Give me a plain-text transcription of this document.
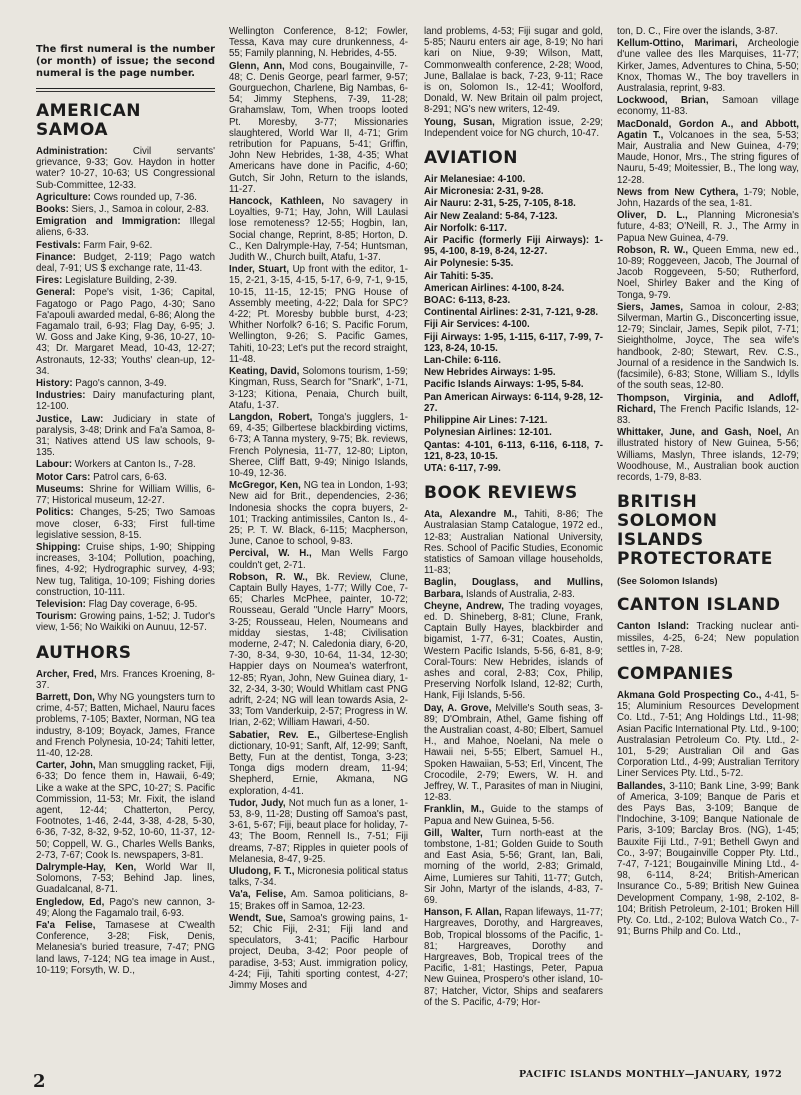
The first numeral is the number (or month) of issue; the second numeral is the page number.

AMERICAN SAMOA

Administration: Civil servants' grievance, 9-33; Gov. Haydon in hotter water? 10-27, 10-63; US Congressional Sub-Committee, 12-33.

Agriculture: Cows rounded up, 7-36.

Books: Siers, J., Samoa in colour, 2-83.

Emigration and Immigration: Illegal aliens, 6-33.

Festivals: Farm Fair, 9-62.

Finance: Budget, 2-119; Pago watch deal, 7-91; US $ exchange rate, 11-43.

Fires: Legislature Building, 2-39.

General: Pope's visit, 1-36; Capital, Fagatogo or Pago Pago, 4-30; Sano Fa'apouli awarded medal, 6-86; Along the Fagamalo trail, 6-93; Flag Day, 6-95; J. W. Goss and Jake King, 9-36, 10-27, 10-43; Dr. Margaret Mead, 10-43, 12-27; Astronauts, 12-33; Youths' clean-up, 12-34.

History: Pago's cannon, 3-49.

Industries: Dairy manufacturing plant, 12-100.

Justice, Law: Judiciary in state of paralysis, 3-48; Drink and Fa'a Samoa, 8-31; Natives attend US law schools, 9-135.

Labour: Workers at Canton Is., 7-28.

Motor Cars: Patrol cars, 6-63.

Museums: Shrine for William Willis, 6-77; Historical museum, 12-27.

Politics: Changes, 5-25; Two Samoas move closer, 6-33; First full-time legislative session, 8-15.

Shipping: Cruise ships, 1-90; Shipping increases, 3-104; Pollution, poaching, fines, 4-92; Hydrographic survey, 4-93; New tug, Talitiga, 10-109; Fishing dories construction, 10-111.

Television: Flag Day coverage, 6-95.

Tourism: Growing pains, 1-52; J. Tudor's view, 1-56; No Waikiki on Aunuu, 12-57.

AUTHORS

Archer, Fred, Mrs. Frances Kroening, 8-37.

Barrett, Don, Why NG youngsters turn to crime, 4-57; Batten, Michael, Nauru faces problems, 7-105; Baxter, Norman, NG tea industry, 8-109; Boyack, James, France and French Polynesia, 10-24; Tahiti letter, 11-40, 12-28.

Carter, John, Man smuggling racket, Fiji, 6-33; Do fence them in, Hawaii, 6-49; Like a wake at the SPC, 10-27; S. Pacific Commission, 11-53; Mr. Fixit, the island agent, 12-44; Chatterton, Percy, Footnotes, 1-46, 2-44, 3-38, 4-28, 5-30, 6-36, 7-32, 8-32, 9-52, 10-60, 11-37, 12-50; Coppell, W. G., Charles Wells Banks, 2-73, 7-67; Cook Is. newspapers, 3-81.

Dalrymple-Hay, Ken, World War II, Solomons, 7-53; Behind Jap. lines, Guadalcanal, 8-71.

Engledow, Ed, Pago's new cannon, 3-49; Along the Fagamalo trail, 6-93.

Fa'a Felise, Tamasese at C'wealth Conference, 3-28; Fisk, Denis, Melanesia's buried treasure, 7-47; PNG land laws, 7-124; NG tea image in Aust., 10-119; Forsyth, W. D.,

Wellington Conference, 8-12; Fowler, Tessa, Kava may cure drunkenness, 4-55; Family planning, N. Hebrides, 4-55.

Glenn, Ann, Mod cons, Bougainville, 7-48; C. Denis George, pearl farmer, 9-57; Gourguechon, Charlene, Big Nambas, 6-54; Jimmy Stephens, 7-39, 11-28; Grahamslaw, Tom, When troops looted Pt. Moresby, 3-77; Missionaries slaughtered, World War II, 4-71; Grim retribution for Papuans, 5-41; Griffin, John New Hebrides, 1-38, 4-35; What Americans have done in Pacific, 4-60; Gutch, Sir John, Return to the islands, 11-27.

Hancock, Kathleen, No savagery in Loyalties, 9-71; Hay, John, Will Laulasi lose remoteness? 12-55; Hogbin, Ian, Social change, Reprint, 8-85; Horton, D. C., Ken Dalrymple-Hay, 7-54; Huntsman, Judith W., Church built, Atafu, 1-37.

Inder, Stuart, Up front with the editor, 1-15, 2-21, 3-15, 4-15, 5-17, 6-9, 7-1, 9-15, 10-15, 11-15, 12-15; PNG House of Assembly meeting, 4-22; Dala for SPC? 4-22; Pt. Moresby bubble burst, 4-23; Whither Norfolk? 6-16; S. Pacific Forum, Wellington, 9-26; S. Pacific Games, Tahiti, 10-23; Let's put the record straight, 11-48.

Keating, David, Solomons tourism, 1-59; Kingman, Russ, Search for "Snark", 1-71, 3-123; Kitiona, Penaia, Church built, Atafu, 1-37.

Langdon, Robert, Tonga's jugglers, 1-69, 4-35; Gilbertese blackbirding victims, 6-73; A Tanna mystery, 9-75; Bk. reviews, French Polynesia, 11-77, 12-80; Lipton, Sheree, Cliff Batt, 9-49; Ninigo Islands, 10-49, 12-36.

McGregor, Ken, NG tea in London, 1-93; New aid for Brit., dependencies, 2-36; Indonesia shocks the copra buyers, 2-101; Tracking antimissiles, Canton Is., 4-25; P. T. W. Black, 6-115; Macpherson, June, Canoe to school, 9-83.

Percival, W. H., Man Wells Fargo couldn't get, 2-71.

Robson, R. W., Bk. Review, Clune, Captain Bully Hayes, 1-77; Willy Coe, 7-65; Charles McPhee, painter, 10-72; Rousseau, Gerald "Uncle Harry" Moors, 3-25; Rousseau, Helen, Noumeans and midday siestas, 1-48; Civilisation moderne, 2-47; N. Caledonia diary, 6-20, 7-30, 8-34, 9-30, 10-64, 11-34, 12-30; Happier days on Noumea's waterfront, 12-85; Ryan, John, New Guinea diary, 1-32, 2-34, 3-30; Would Whitlam cast PNG adrift, 2-24; NG will lean towards Asia, 2-33; Tom Vanderkuip, 2-57; Progress in W. Irian, 2-62; William Hawari, 4-50.

Sabatier, Rev. E., Gilbertese-English dictionary, 10-91; Sanft, Alf, 12-99; Sanft, Betty, Fun at the dentist, Tonga, 3-23; Tonga digs modern dream, 11-94; Shepherd, Ernie, Akmana, NG exploration, 4-41.

Tudor, Judy, Not much fun as a loner, 1-53, 8-9, 11-28; Dusting off Samoa's past, 3-61, 5-67; Fiji, beaut place for holiday, 7-43; The Boom, Rennell Is., 7-51; Fiji dreams, 7-87; Ripples in quieter pools of Melanesia, 8-47, 9-25.

Uludong, F. T., Micronesia political status talks, 7-34.

Va'a, Felise, Am. Samoa politicians, 8-15; Brakes off in Samoa, 12-23.

Wendt, Sue, Samoa's growing pains, 1-52; Chic Fiji, 2-31; Fiji land and speculators, 3-41; Pacific Harbour project, Deuba, 3-42; Poor people of paradise, 3-53; Aust. immigration policy, 4-24; Fiji, Tahiti sporting contest, 4-27; Jimmy Moses and

land problems, 4-53; Fiji sugar and gold, 5-85; Nauru enters air age, 8-19; No hari kari on Niue, 9-39; Wilson, Matt, Commonwealth conference, 2-28; Wood, June, Ballalae is back, 7-23, 9-11; Race is on, Solomon Is., 12-41; Woolford, Donald, W. New Britain oil palm project, 8-291; NG's new writers, 12-49.

Young, Susan, Migration issue, 2-29; Independent voice for NG church, 10-47.

AVIATION

Air Melanesiae: 4-100.

Air Micronesia: 2-31, 9-28.

Air Nauru: 2-31, 5-25, 7-105, 8-18.

Air New Zealand: 5-84, 7-123.

Air Norfolk: 6-117.

Air Pacific (formerly Fiji Airways): 1-95, 4-100, 8-19, 8-24, 12-27.

Air Polynesie: 5-35.

Air Tahiti: 5-35.

American Airlines: 4-100, 8-24.

BOAC: 6-113, 8-23.

Continental Airlines: 2-31, 7-121, 9-28.

Fiji Air Services: 4-100.

Fiji Airways: 1-95, 1-115, 6-117, 7-99, 7-123, 8-24, 10-15.

Lan-Chile: 6-116.

New Hebrides Airways: 1-95.

Pacific Islands Airways: 1-95, 5-84.

Pan American Airways: 6-114, 9-28, 12-27.

Philippine Air Lines: 7-121.

Polynesian Airlines: 12-101.

Qantas: 4-101, 6-113, 6-116, 6-118, 7-121, 8-23, 10-15.

UTA: 6-117, 7-99.

BOOK REVIEWS

Ata, Alexandre M., Tahiti, 8-86; The Australasian Stamp Catalogue, 1972 ed., 12-83; Australian National University, Res. School of Pacific Studies, Economic statistics of Samoan village households, 11-83;

Baglin, Douglass, and Mullins, Barbara, Islands of Australia, 2-83.

Cheyne, Andrew, The trading voyages, ed. D. Shineberg, 8-81; Clune, Frank, Captain Bully Hayes, blackbirder and bigamist, 1-77, 6-31; Coates, Austin, Western Pacific Islands, 5-56, 6-81, 8-9; Coral-Tours: New Hebrides, islands of ashes and coral, 2-83; Cox, Philip, Preserving Norfolk Island, 12-82; Curth, Hank, Fiji Islands, 5-56.

Day, A. Grove, Melville's South seas, 3-89; D'Ombrain, Athel, Game fishing off the Australian coast, 4-80; Elbert, Samuel H., and Mahoe, Noelani, Na mele o Hawaii nei, 5-55; Elbert, Samuel H., Spoken Hawaiian, 5-53; Erl, Vincent, The Crocodile, 2-79; Ewers, W. H. and Jeffrey, W. T., Parasites of man in Niugini, 12-83.

Franklin, M., Guide to the stamps of Papua and New Guinea, 5-56.

Gill, Walter, Turn north-east at the tombstone, 1-81; Golden Guide to South and East Asia, 5-56; Grant, Ian, Bali, morning of the world, 2-83; Grimald, Aime, Lumieres sur Tahiti, 11-77; Gutch, Sir John, Martyr of the islands, 4-83, 7-69.

Hanson, F. Allan, Rapan lifeways, 11-77; Hargreaves, Dorothy, and Hargreaves, Bob, Tropical blossoms of the Pacific, 1-81; Hargreaves, Dorothy and Hargreaves, Bob, Tropical trees of the Pacific, 1-81; Hastings, Peter, Papua New Guinea, Prospero's other island, 10-87; Hatcher, Victor, Ships and seafarers of the S. Pacific, 4-79; Hor-

ton, D. C., Fire over the islands, 3-87.

Kellum-Ottino, Marimari, Archeologie d'une vallee des Iles Marquises, 11-77; Kirker, James, Adventures to China, 5-50; Knox, Thomas W., The boy travellers in Australasia, reprint, 9-83.

Lockwood, Brian, Samoan village economy, 11-83.

MacDonald, Gordon A., and Abbott, Agatin T., Volcanoes in the sea, 5-53; Mair, Australia and New Guinea, 4-79; Maude, Honor, Mrs., The string figures of Nauru, 5-49; Moitessier, B., The long way, 12-28.

News from New Cythera, 1-79; Noble, John, Hazards of the sea, 1-81.

Oliver, D. L., Planning Micronesia's future, 4-83; O'Neill, R. J., The Army in Papua New Guinea, 4-79.

Robson, R. W., Queen Emma, new ed., 10-89; Roggeveen, Jacob, The Journal of Jacob Roggeveen, 5-50; Rutherford, Noel, Shirley Baker and the King of Tonga, 9-79.

Siers, James, Samoa in colour, 2-83; Silverman, Martin G., Disconcerting issue, 12-79; Sinclair, James, Sepik pilot, 7-71; Sieightholme, Joyce, The sea wife's handbook, 2-80; Stewart, Rev. C.S., Journal of a residence in the Sandwich Is. (facsimile), 6-83; Stone, William S., Idylls of the south seas, 12-80.

Thompson, Virginia, and Adloff, Richard, The French Pacific Islands, 12-83.

Whittaker, June, and Gash, Noel, An illustrated history of New Guinea, 5-56; Williams, Maslyn, Three islands, 12-79; Woodhouse, M., Australian book auction records, 1-79, 8-83.

BRITISH SOLOMON ISLANDS PROTECTORATE

(See Solomon Islands)

CANTON ISLAND

Canton Island: Tracking nuclear anti-missiles, 4-25, 6-24; New population settles in, 7-28.

COMPANIES

Akmana Gold Prospecting Co., 4-41, 5-15; Aluminium Resources Development Co. Ltd., 7-51; Ang Holdings Ltd., 11-98; Asian Pacific International Pty. Ltd., 9-100; Australasian Petroleum Co. Pty. Ltd., 2-101, 5-29; Australian Oil and Gas Corporation Ltd., 4-99; Australian Territory Liner Services Pty. Ltd., 5-72.

Ballandes, 3-110; Bank Line, 3-99; Bank of America, 3-109; Banque de Paris et des Pays Bas, 3-109; Banque de l'Indochine, 3-109; Banque Nationale de Paris, 3-109; Barclay Bros. (NG), 1-45; Bauxite Fiji Ltd., 7-91; Bethell Gwyn and Co., 3-97; Bougainville Copper Pty. Ltd., 7-47, 7-121; Bougainville Mining Ltd., 4-98, 6-114, 8-24; British-American Insurance Co., 5-89; British New Guinea Development Company, 1-98, 2-102, 8-104; British Petroleum, 2-101; Broken Hill Pty. Co. Ltd., 2-102; Bulova Watch Co., 7-91; Burns Philp and Co. Ltd.,

2	PACIFIC ISLANDS MONTHLY—JANUARY, 1972
